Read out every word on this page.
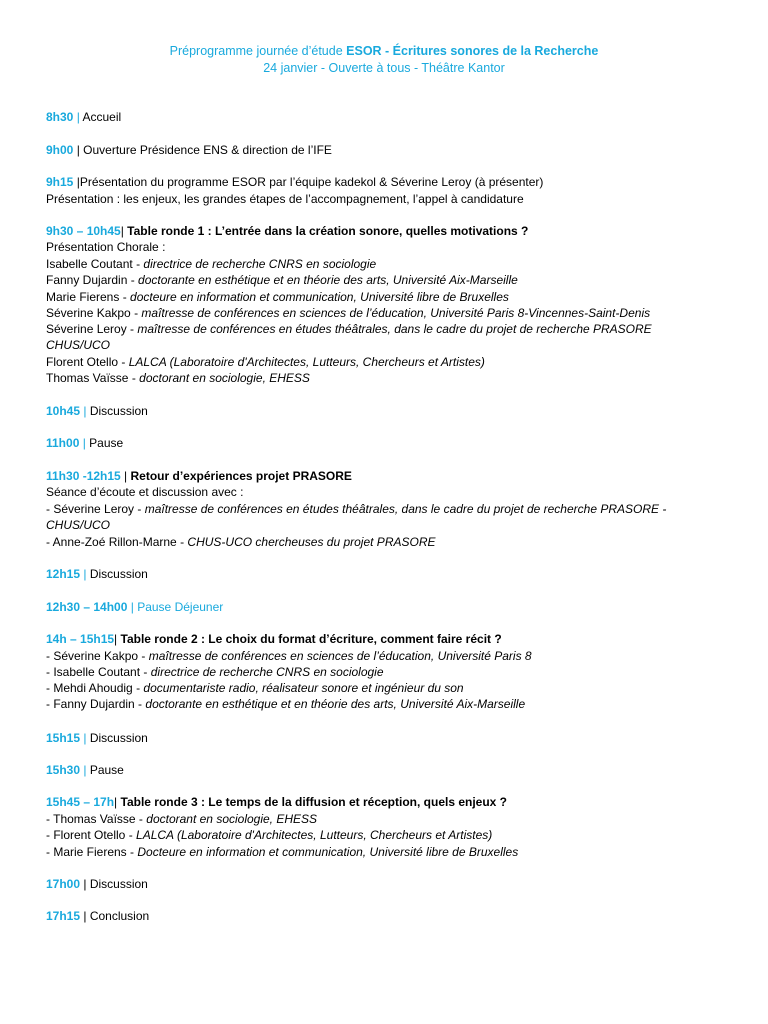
Préprogramme journée d’étude ESOR - Écritures sonores de la Recherche
24 janvier - Ouverte à tous - Théâtre Kantor
8h30 | Accueil
9h00 | Ouverture Présidence ENS & direction de l’IFE
9h15 |Présentation du programme ESOR par l’équipe kadekol & Séverine Leroy (à présenter)
Présentation : les enjeux, les grandes étapes de l’accompagnement, l’appel à candidature
9h30 – 10h45| Table ronde 1 : L’entrée dans la création sonore, quelles motivations ?
Présentation Chorale :
Isabelle Coutant - directrice de recherche CNRS en sociologie
Fanny Dujardin - doctorante en esthétique et en théorie des arts, Université Aix-Marseille
Marie Fierens - docteure en information et communication, Université libre de Bruxelles
Séverine Kakpo - maîtresse de conférences en sciences de l’éducation, Université Paris 8-Vincennes-Saint-Denis
Séverine Leroy - maîtresse de conférences en études théâtrales, dans le cadre du projet de recherche PRASORE
CHUS/UCO
Florent Otello - LALCA (Laboratoire d'Architectes, Lutteurs, Chercheurs et Artistes)
Thomas Vaïsse - doctorant en sociologie, EHESS
10h45 | Discussion
11h00 | Pause
11h30 -12h15 | Retour d’expériences projet PRASORE
Séance d’écoute et discussion avec :
- Séverine Leroy - maîtresse de conférences en études théâtrales, dans le cadre du projet de recherche PRASORE -
CHUS/UCO
- Anne-Zoé Rillon-Marne - CHUS-UCO chercheuses du projet PRASORE
12h15 | Discussion
12h30 – 14h00 | Pause Déjeuner
14h – 15h15| Table ronde 2 : Le choix du format d’écriture, comment faire récit ?
- Séverine Kakpo - maîtresse de conférences en sciences de l’éducation, Université Paris 8
- Isabelle Coutant - directrice de recherche CNRS en sociologie
- Mehdi Ahoudig - documentariste radio, réalisateur sonore et ingénieur du son
- Fanny Dujardin - doctorante en esthétique et en théorie des arts, Université Aix-Marseille
15h15 | Discussion
15h30 | Pause
15h45 – 17h| Table ronde 3 : Le temps de la diffusion et réception, quels enjeux ?
- Thomas Vaïsse - doctorant en sociologie, EHESS
- Florent Otello - LALCA (Laboratoire d'Architectes, Lutteurs, Chercheurs et Artistes)
- Marie Fierens - Docteure en information et communication, Université libre de Bruxelles
17h00 | Discussion
17h15 | Conclusion
